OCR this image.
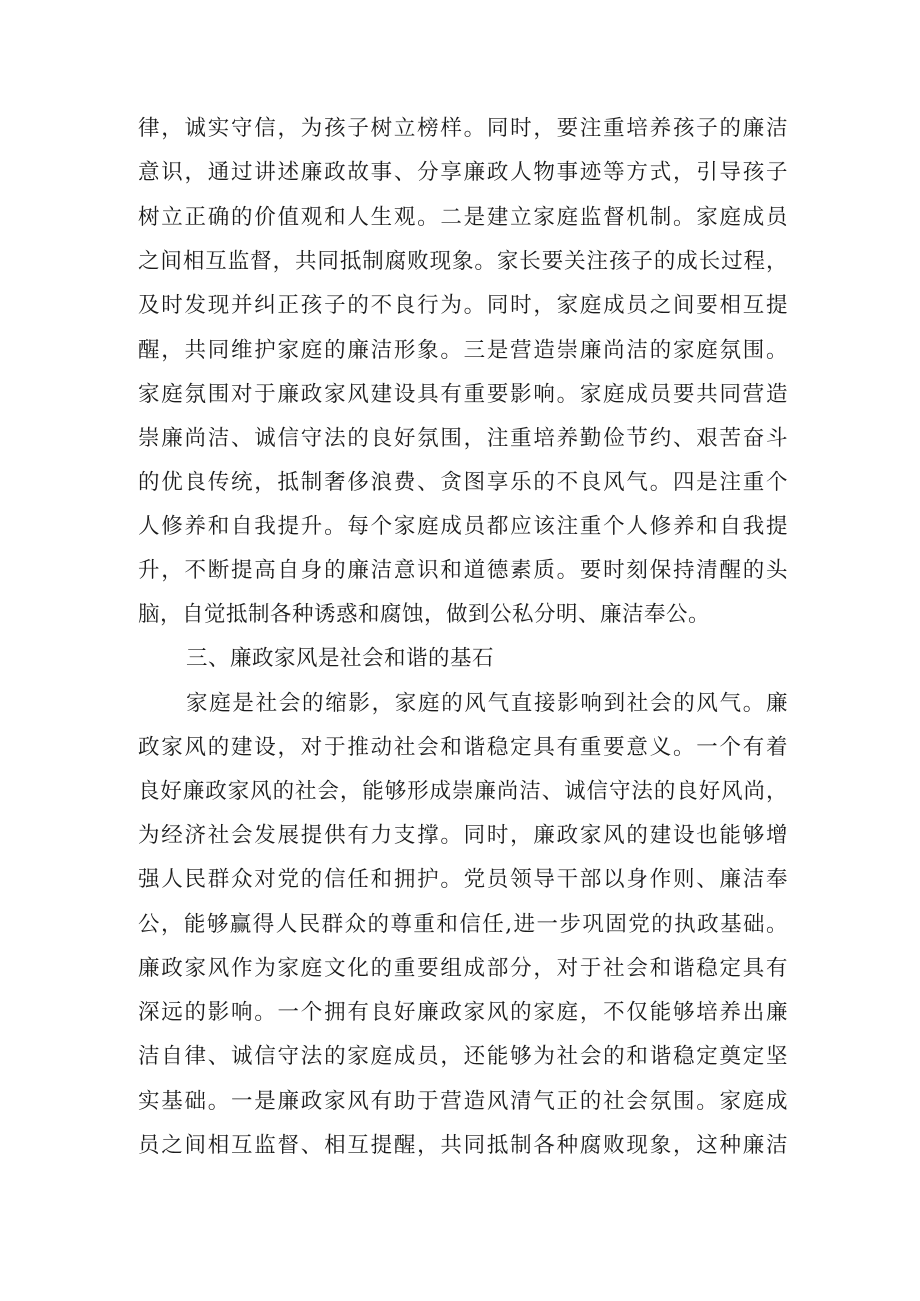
律，诚实守信，为孩子树立榜样。同时，要注重培养孩子的廉洁
意识，通过讲述廉政故事、分享廉政人物事迹等方式，引导孩子
树立正确的价值观和人生观。二是建立家庭监督机制。家庭成员
之间相互监督，共同抵制腐败现象。家长要关注孩子的成长过程，
及时发现并纠正孩子的不良行为。同时，家庭成员之间要相互提
醒，共同维护家庭的廉洁形象。三是营造崇廉尚洁的家庭氛围。
家庭氛围对于廉政家风建设具有重要影响。家庭成员要共同营造
崇廉尚洁、诚信守法的良好氛围，注重培养勤俭节约、艰苦奋斗
的优良传统，抵制奢侈浪费、贪图享乐的不良风气。四是注重个
人修养和自我提升。每个家庭成员都应该注重个人修养和自我提
升，不断提高自身的廉洁意识和道德素质。要时刻保持清醒的头
脑，自觉抵制各种诱惑和腐蚀，做到公私分明、廉洁奉公。
三、廉政家风是社会和谐的基石
家庭是社会的缩影，家庭的风气直接影响到社会的风气。廉
政家风的建设，对于推动社会和谐稳定具有重要意义。一个有着
良好廉政家风的社会，能够形成崇廉尚洁、诚信守法的良好风尚，
为经济社会发展提供有力支撑。同时，廉政家风的建设也能够增
强人民群众对党的信任和拥护。党员领导干部以身作则、廉洁奉
公，能够赢得人民群众的尊重和信任,进一步巩固党的执政基础。
廉政家风作为家庭文化的重要组成部分，对于社会和谐稳定具有
深远的影响。一个拥有良好廉政家风的家庭，不仅能够培养出廉
洁自律、诚信守法的家庭成员，还能够为社会的和谐稳定奠定坚
实基础。一是廉政家风有助于营造风清气正的社会氛围。家庭成
员之间相互监督、相互提醒，共同抵制各种腐败现象，这种廉洁
